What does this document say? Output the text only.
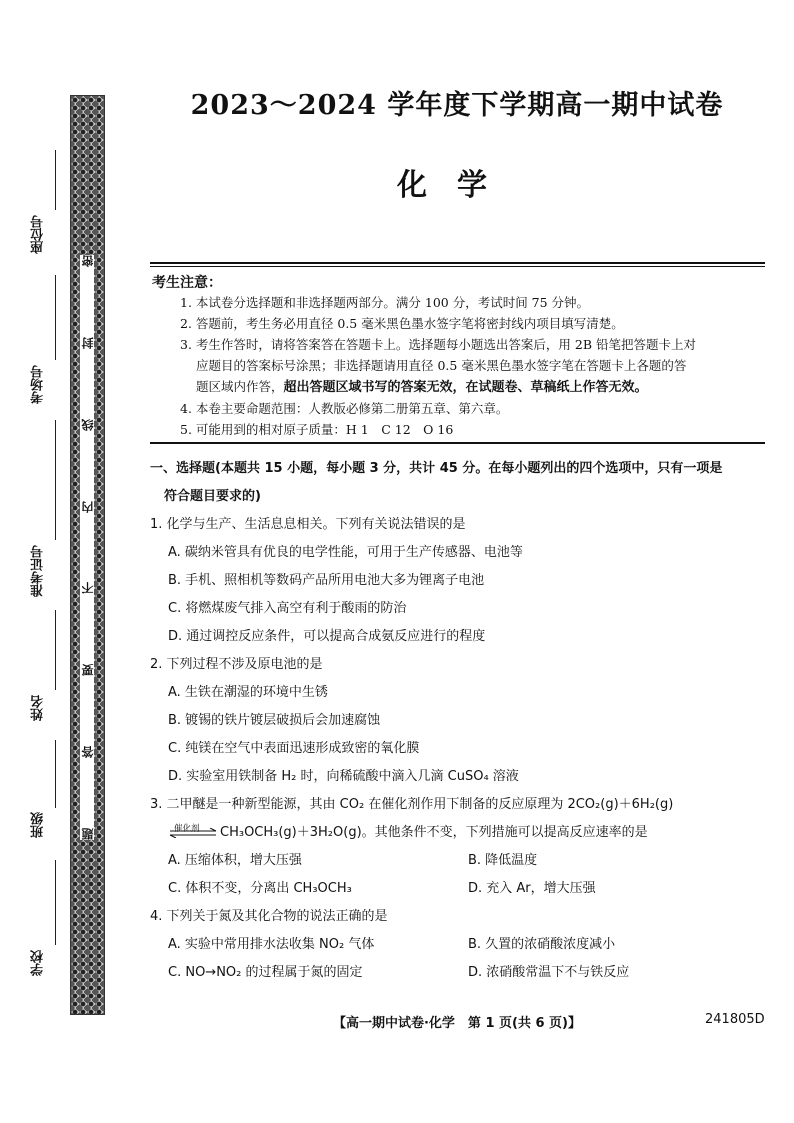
座位号
考场号
准考证号
姓名
班级
学校
密
封
线
内
不
要
答
题
2023～2024 学年度下学期高一期中试卷
化学
考生注意：
1. 本试卷分选择题和非选择题两部分。满分 100 分，考试时间 75 分钟。
2. 答题前，考生务必用直径 0.5 毫米黑色墨水签字笔将密封线内项目填写清楚。
3. 考生作答时，请将答案答在答题卡上。选择题每小题选出答案后，用 2B 铅笔把答题卡上对
应题目的答案标号涂黑；非选择题请用直径 0.5 毫米黑色墨水签字笔在答题卡上各题的答
题区域内作答，超出答题区域书写的答案无效，在试题卷、草稿纸上作答无效。
4. 本卷主要命题范围：人教版必修第二册第五章、第六章。
5. 可能用到的相对原子质量：H 1　C 12　O 16
一、选择题(本题共 15 小题，每小题 3 分，共计 45 分。在每小题列出的四个选项中，只有一项是
符合题目要求的)
1. 化学与生产、生活息息相关。下列有关说法错误的是
A. 碳纳米管具有优良的电学性能，可用于生产传感器、电池等
B. 手机、照相机等数码产品所用电池大多为锂离子电池
C. 将燃煤废气排入高空有利于酸雨的防治
D. 通过调控反应条件，可以提高合成氨反应进行的程度
2. 下列过程不涉及原电池的是
A. 生铁在潮湿的环境中生锈
B. 镀锡的铁片镀层破损后会加速腐蚀
C. 纯镁在空气中表面迅速形成致密的氧化膜
D. 实验室用铁制备 H₂ 时，向稀硫酸中滴入几滴 CuSO₄ 溶液
3. 二甲醚是一种新型能源，其由 CO₂ 在催化剂作用下制备的反应原理为 2CO₂(g)＋6H₂(g)
催化剂 CH₃OCH₃(g)＋3H₂O(g)。其他条件不变，下列措施可以提高反应速率的是
A. 压缩体积，增大压强	B. 降低温度
C. 体积不变，分离出 CH₃OCH₃	D. 充入 Ar，增大压强
4. 下列关于氮及其化合物的说法正确的是
A. 实验中常用排水法收集 NO₂ 气体	B. 久置的浓硝酸浓度减小
C. NO→NO₂ 的过程属于氮的固定	D. 浓硝酸常温下不与铁反应
【高一期中试卷·化学　第 1 页(共 6 页)】	241805D
